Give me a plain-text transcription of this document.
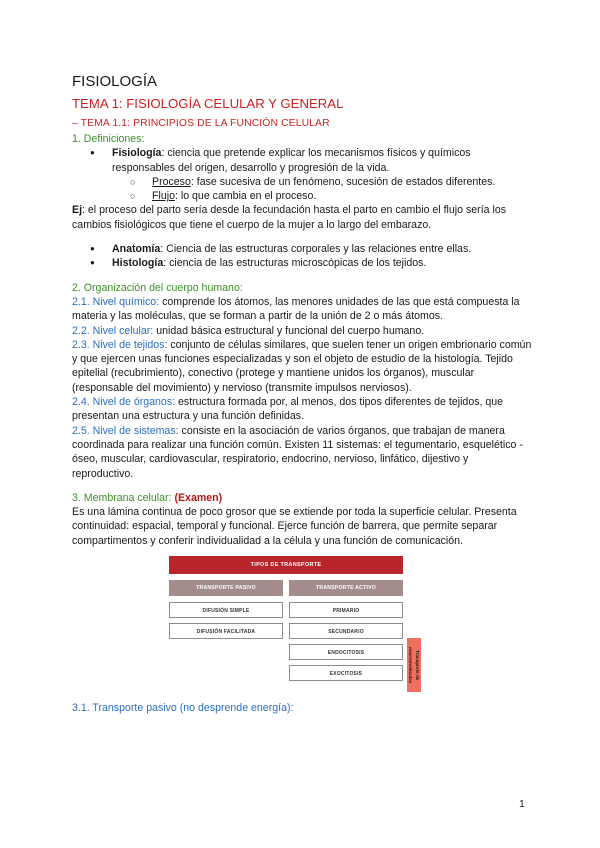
FISIOLOGÍA
TEMA 1: FISIOLOGÍA CELULAR Y GENERAL
– TEMA 1.1: PRINCIPIOS DE LA FUNCIÓN CELULAR
1. Definiciones:
● Fisiología: ciencia que pretende explicar los mecanismos físicos y químicos responsables del origen, desarrollo y progresión de la vida.
○ Proceso: fase sucesiva de un fenómeno, sucesión de estados diferentes.
○ Flujo: lo que cambia en el proceso.
Ej: el proceso del parto sería desde la fecundación hasta el parto en cambio el flujo sería los cambios fisiológicos que tiene el cuerpo de la mujer a lo largo del embarazo.
● Anatomía: Ciencia de las estructuras corporales y las relaciones entre ellas.
● Histología: ciencia de las estructuras microscópicas de los tejidos.
2. Organización del cuerpo humano:
2.1. Nivel químico: comprende los átomos, las menores unidades de las que está compuesta la materia y las moléculas, que se forman a partir de la unión de 2 o más átomos.
2.2. Nivel celular: unidad básica estructural y funcional del cuerpo humano.
2.3. Nivel de tejidos: conjunto de células similares, que suelen tener un origen embrionario común y que ejercen unas funciones especializadas y son el objeto de estudio de la histología. Tejido epitelial (recubrimiento), conectivo (protege y mantiene unidos los órganos), muscular (responsable del movimiento) y nervioso (transmite impulsos nerviosos).
2.4. Nivel de órganos: estructura formada por, al menos, dos tipos diferentes de tejidos, que presentan una estructura y una función definidas.
2.5. Nivel de sistemas: consiste en la asociación de varios órganos, que trabajan de manera coordinada para realizar una función común. Existen 11 sistemas: el tegumentario, esquelético - óseo, muscular, cardiovascular, respiratorio, endocrino, nervioso, linfático, dijestivo y reproductivo.
3. Membrana celular: (Examen)
Es una lámina continua de poco grosor que se extiende por toda la superficie celular. Presenta continuidad: espacial, temporal y funcional. Ejerce función de barrera, que permite separar compartimentos y conferir individualidad a la célula y una función de comunicación.
TIPOS DE TRANSPORTE
TRANSPORTE PASIVO	TRANSPORTE ACTIVO
DIFUSIÓN SIMPLE
DIFUSIÓN FACILITADA
PRIMARIO
SECUNDARIO
ENDOCITOSIS
EXOCITOSIS	Transporte de macromoléculas
3.1. Transporte pasivo (no desprende energía):
1
